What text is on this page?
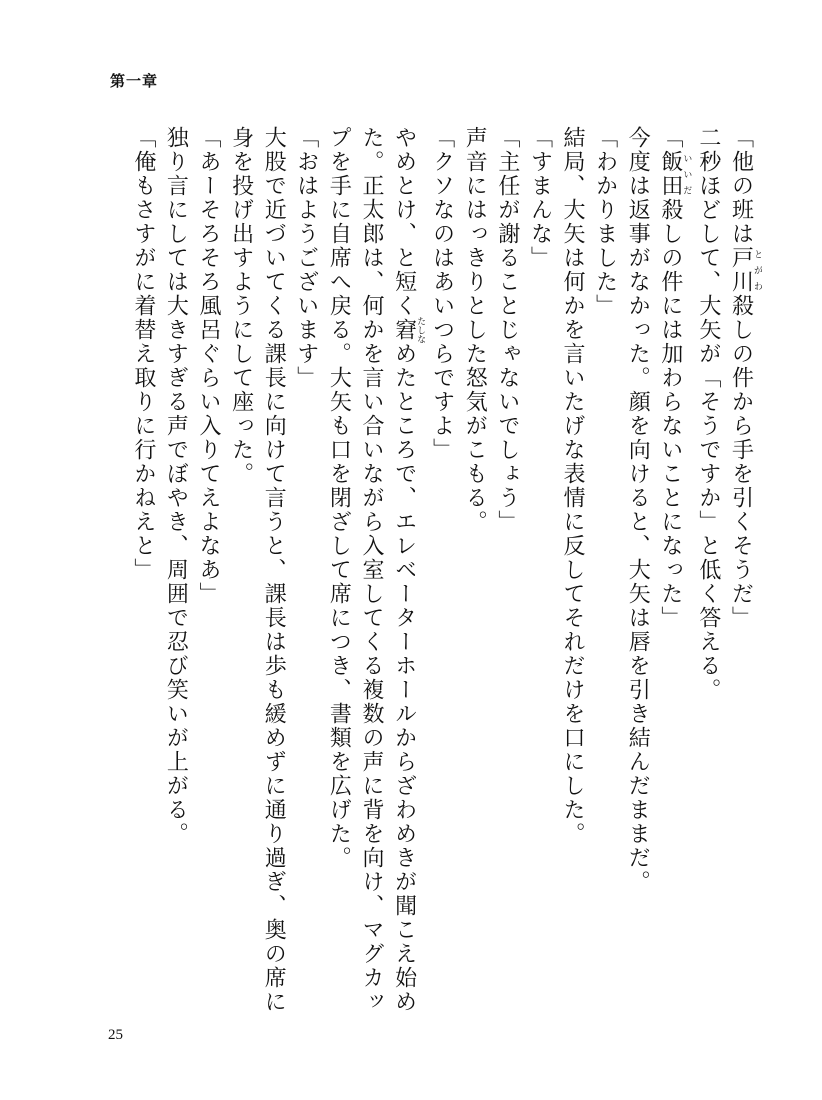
第一章

「他の班は戸川とがわ殺しの件から手を引くそうだ」

二秒ほどして、大矢が「そうですか」と低く答える。

「飯田いいだ殺しの件には加わらないことになった」

今度は返事がなかった。顔を向けると、大矢は唇を引き結んだままだ。

「わかりました」

結局、大矢は何かを言いたげな表情に反してそれだけを口にした。

「すまんな」

「主任が謝ることじゃないでしょう」

声音にはっきりとした怒気がこもる。

「クソなのはあいつらですよ」

やめとけ、と短く窘たしなめたところで、エレベーターホールからざわめきが聞こえ始めた。正太郎は、何かを言い合いながら入室してくる複数の声に背を向け、マグカップを手に自席へ戻る。大矢も口を閉ざして席につき、書類を広げた。

「おはようございます」

大股で近づいてくる課長に向けて言うと、課長は歩も緩めずに通り過ぎ、奥の席に身を投げ出すようにして座った。

「あーそろそろ風呂ぐらい入りてえよなあ」

独り言にしては大きすぎる声でぼやき、周囲で忍び笑いが上がる。

「俺もさすがに着替え取りに行かねえと」

25
